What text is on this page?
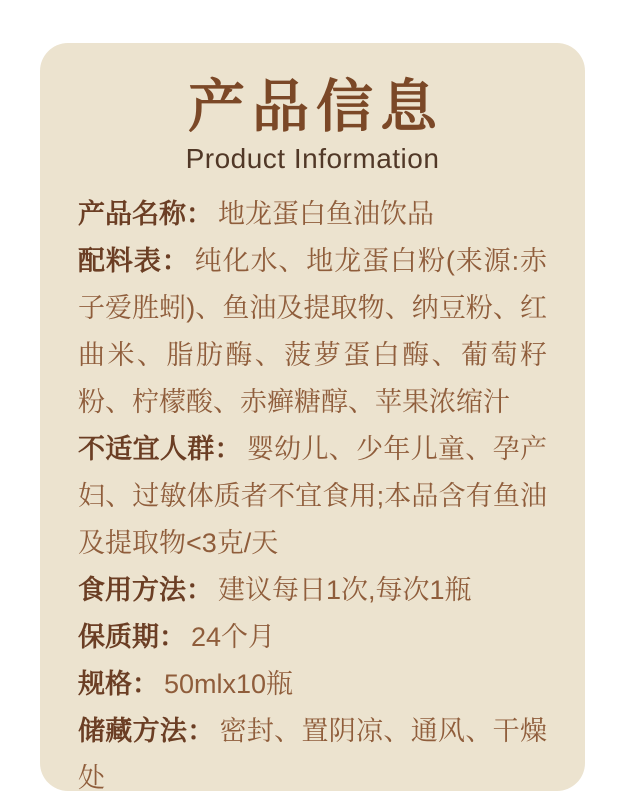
产品信息
Product Information

产品名称： 地龙蛋白鱼油饮品

配料表： 纯化水、地龙蛋白粉(来源:赤子爱胜蚓)、鱼油及提取物、纳豆粉、红曲米、脂肪酶、菠萝蛋白酶、葡萄籽粉、柠檬酸、赤癣糖醇、苹果浓缩汁

不适宜人群： 婴幼儿、少年儿童、孕产妇、过敏体质者不宜食用;本品含有鱼油及提取物<3克/天

食用方法： 建议每日1次,每次1瓶

保质期： 24个月

规格： 50mlx10瓶

储藏方法： 密封、置阴凉、通风、干燥处
